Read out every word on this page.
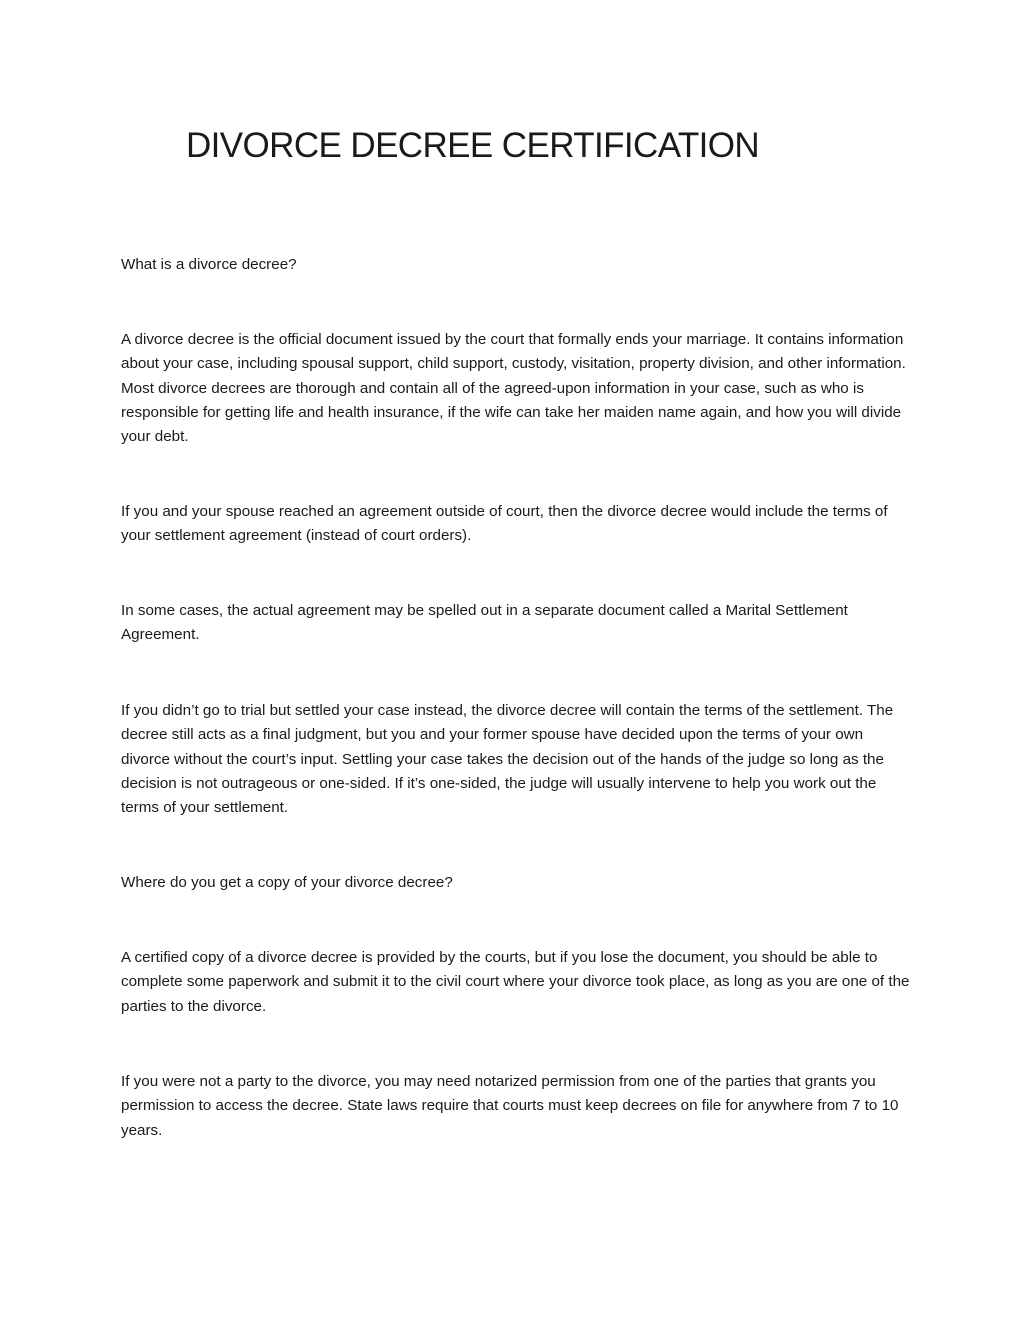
DIVORCE DECREE CERTIFICATION

What is a divorce decree?

A divorce decree is the official document issued by the court that formally ends your marriage. It contains information about your case, including spousal support, child support, custody, visitation, property division, and other information. Most divorce decrees are thorough and contain all of the agreed-upon information in your case, such as who is responsible for getting life and health insurance, if the wife can take her maiden name again, and how you will divide your debt.

If you and your spouse reached an agreement outside of court, then the divorce decree would include the terms of your settlement agreement (instead of court orders).

In some cases, the actual agreement may be spelled out in a separate document called a Marital Settlement Agreement.

If you didn’t go to trial but settled your case instead, the divorce decree will contain the terms of the settlement. The decree still acts as a final judgment, but you and your former spouse have decided upon the terms of your own divorce without the court’s input. Settling your case takes the decision out of the hands of the judge so long as the decision is not outrageous or one-sided. If it’s one-sided, the judge will usually intervene to help you work out the terms of your settlement.

Where do you get a copy of your divorce decree?

A certified copy of a divorce decree is provided by the courts, but if you lose the document, you should be able to complete some paperwork and submit it to the civil court where your divorce took place, as long as you are one of the parties to the divorce.

If you were not a party to the divorce, you may need notarized permission from one of the parties that grants you permission to access the decree. State laws require that courts must keep decrees on file for anywhere from 7 to 10 years.
